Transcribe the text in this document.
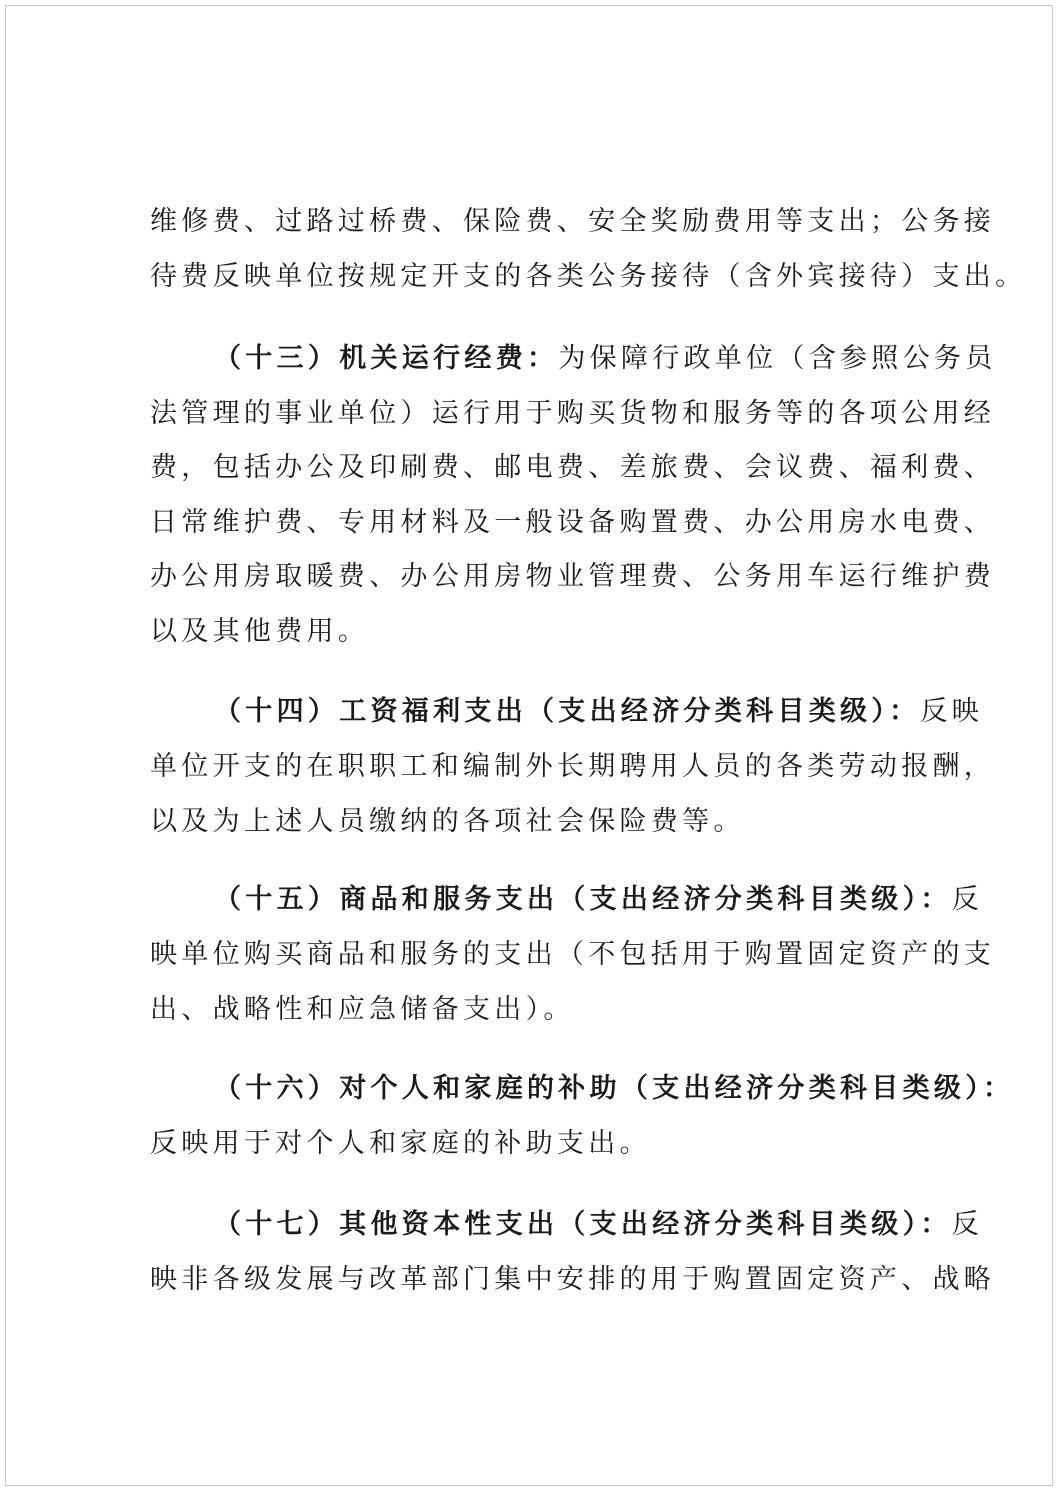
维修费、过路过桥费、保险费、安全奖励费用等支出；公务接
待费反映单位按规定开支的各类公务接待（含外宾接待）支出。
（十三）机关运行经费：为保障行政单位（含参照公务员
法管理的事业单位）运行用于购买货物和服务等的各项公用经
费，包括办公及印刷费、邮电费、差旅费、会议费、福利费、
日常维护费、专用材料及一般设备购置费、办公用房水电费、
办公用房取暖费、办公用房物业管理费、公务用车运行维护费
以及其他费用。
（十四）工资福利支出（支出经济分类科目类级）：反映
单位开支的在职职工和编制外长期聘用人员的各类劳动报酬，
以及为上述人员缴纳的各项社会保险费等。
（十五）商品和服务支出（支出经济分类科目类级）：反
映单位购买商品和服务的支出（不包括用于购置固定资产的支
出、战略性和应急储备支出）。
（十六）对个人和家庭的补助（支出经济分类科目类级）：
反映用于对个人和家庭的补助支出。
（十七）其他资本性支出（支出经济分类科目类级）：反
映非各级发展与改革部门集中安排的用于购置固定资产、战略
